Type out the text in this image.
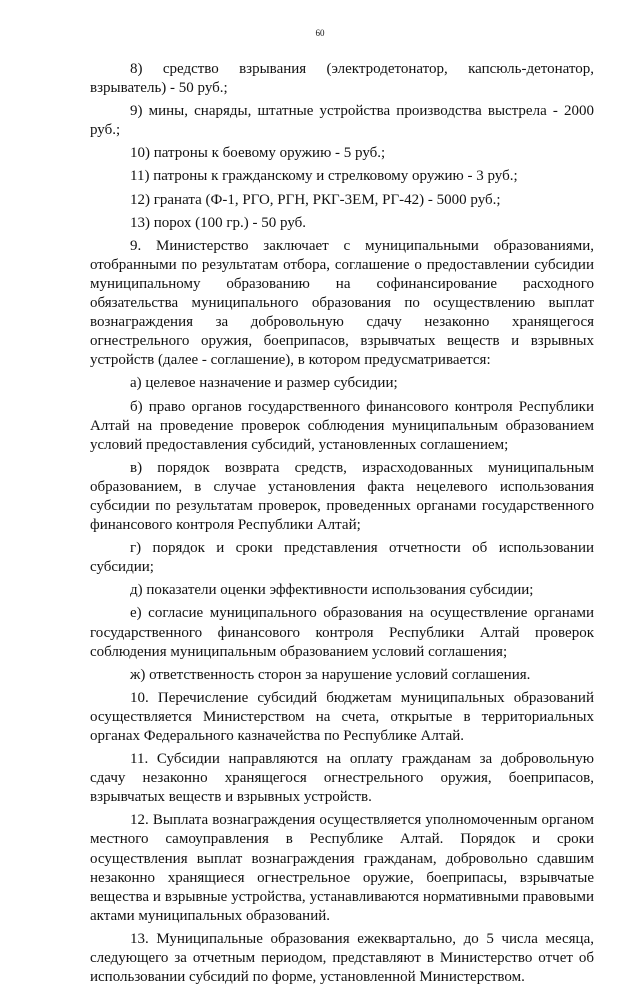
60

8) средство взрывания (электродетонатор, капсюль-детонатор, взрыватель) - 50 руб.;

9) мины, снаряды, штатные устройства производства выстрела - 2000 руб.;

10) патроны к боевому оружию - 5 руб.;

11) патроны к гражданскому и стрелковому оружию - 3 руб.;

12) граната (Ф-1, РГО, РГН, РКГ-3ЕМ, РГ-42) - 5000 руб.;

13) порох (100 гр.) - 50 руб.

9. Министерство заключает с муниципальными образованиями, отобранными по результатам отбора, соглашение о предоставлении субсидии муниципальному образованию на софинансирование расходного обязательства муниципального образования по осуществлению выплат вознаграждения за добровольную сдачу незаконно хранящегося огнестрельного оружия, боеприпасов, взрывчатых веществ и взрывных устройств (далее - соглашение), в котором предусматривается:

а) целевое назначение и размер субсидии;

б) право органов государственного финансового контроля Республики Алтай на проведение проверок соблюдения муниципальным образованием условий предоставления субсидий, установленных соглашением;

в) порядок возврата средств, израсходованных муниципальным образованием, в случае установления факта нецелевого использования субсидии по результатам проверок, проведенных органами государственного финансового контроля Республики Алтай;

г) порядок и сроки представления отчетности об использовании субсидии;

д) показатели оценки эффективности использования субсидии;

е) согласие муниципального образования на осуществление органами государственного финансового контроля Республики Алтай проверок соблюдения муниципальным образованием условий соглашения;

ж) ответственность сторон за нарушение условий соглашения.

10. Перечисление субсидий бюджетам муниципальных образований осуществляется Министерством на счета, открытые в территориальных органах Федерального казначейства по Республике Алтай.

11. Субсидии направляются на оплату гражданам за добровольную сдачу незаконно хранящегося огнестрельного оружия, боеприпасов, взрывчатых веществ и взрывных устройств.

12. Выплата вознаграждения осуществляется уполномоченным органом местного самоуправления в Республике Алтай. Порядок и сроки осуществления выплат вознаграждения гражданам, добровольно сдавшим незаконно хранящиеся огнестрельное оружие, боеприпасы, взрывчатые вещества и взрывные устройства, устанавливаются нормативными правовыми актами муниципальных образований.

13. Муниципальные образования ежеквартально, до 5 числа месяца, следующего за отчетным периодом, представляют в Министерство отчет об использовании субсидий по форме, установленной Министерством.
